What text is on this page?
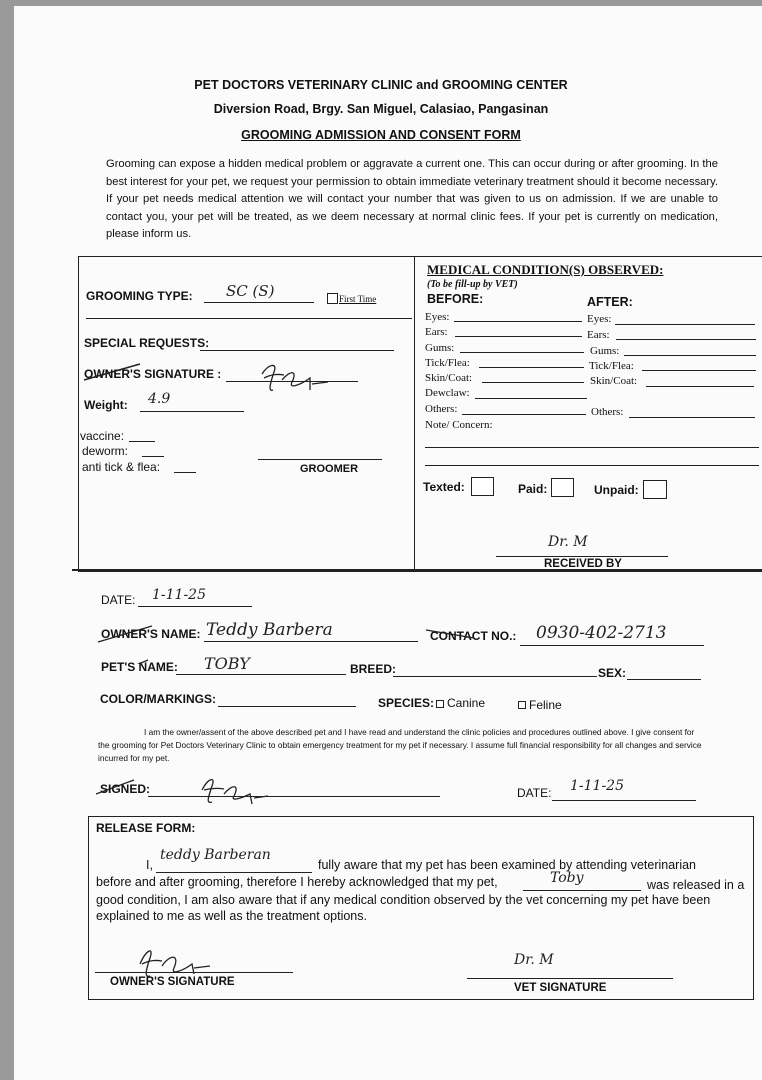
PET DOCTORS VETERINARY CLINIC and GROOMING CENTER
Diversion Road, Brgy. San Miguel, Calasiao, Pangasinan
GROOMING ADMISSION AND CONSENT FORM
Grooming can expose a hidden medical problem or aggravate a current one. This can occur during or after grooming. In the best interest for your pet, we request your permission to obtain immediate veterinary treatment should it become necessary. If your pet needs medical attention we will contact your number that was given to us on admission. If we are unable to contact you, your pet will be treated, as we deem necessary at normal clinic fees. If your pet is currently on medication, please inform us.
GROOMING TYPE: SC (S)	First Time
SPECIAL REQUESTS:
OWNER'S SIGNATURE :
Weight: 4.9
vaccine:
deworm:
anti tick & flea:	GROOMER
MEDICAL CONDITION(S) OBSERVED:
(To be fill-up by VET)
BEFORE:	AFTER:
Eyes:	Eyes:
Ears:	Ears:
Gums:	Gums:
Tick/Flea:	Tick/Flea:
Skin/Coat:	Skin/Coat:
Dewclaw:
Others:	Others:
Note/ Concern:
Texted:	Paid:	Unpaid:
Dr. M
RECEIVED BY
DATE: 1-11-25
OWNER'S NAME: Teddy Barbera	CONTACT NO.: 0930-402-2713
PET'S NAME: TOBY	BREED:	SEX:
COLOR/MARKINGS:	SPECIES: Canine	Feline
I am the owner/assent of the above described pet and I have read and understand the clinic policies and procedures outlined above. I give consent for the grooming for Pet Doctors Veterinary Clinic to obtain emergency treatment for my pet if necessary. I assume full financial responsibility for all changes and service incurred for my pet.
SIGNED:	DATE: 1-11-25
RELEASE FORM:
I,
teddy Barberan
fully aware that my pet has been examined by attending veterinarian
before and after grooming, therefore I hereby acknowledged that my pet,	Toby	was released in a
good condition, I am also aware that if any medical condition observed by the vet concerning my pet have been
explained to me as well as the treatment options.
OWNER'S SIGNATURE
Dr. M
VET SIGNATURE
